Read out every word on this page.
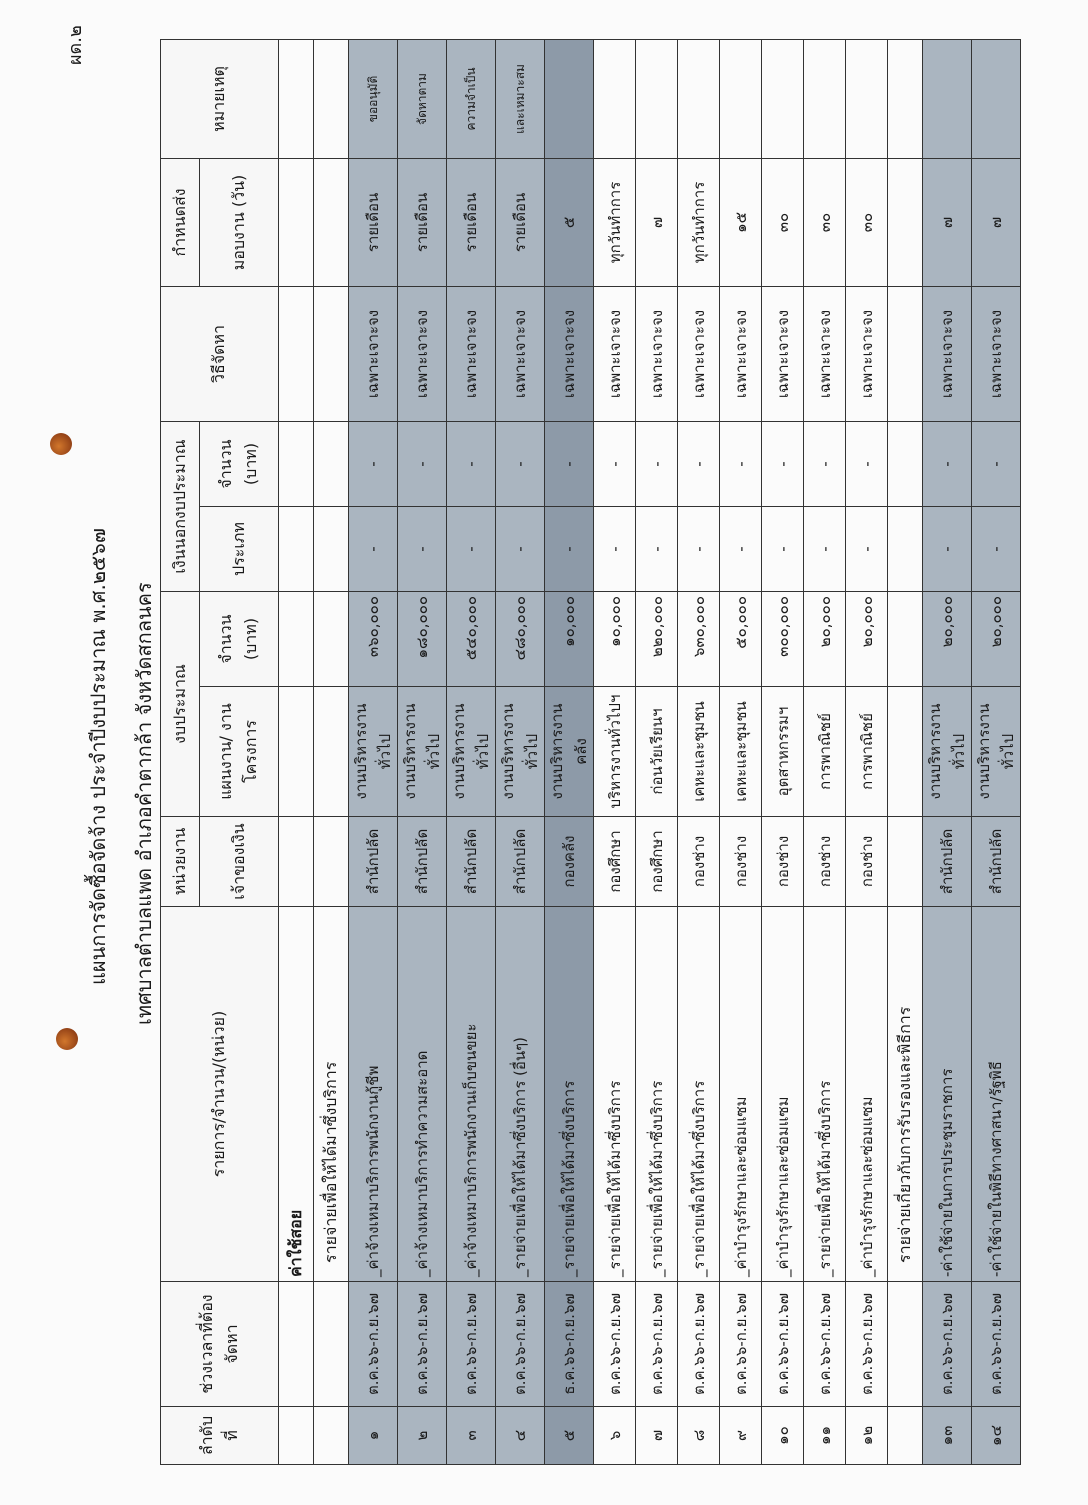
ผด.๒
แผนการจัดซื้อจัดจ้าง ประจำปีงบประมาณ พ.ศ.๒๕๖๗ เทศบาลตำบลแพด อำเภอคำตากล้า จังหวัดสกลนคร
ลำดับที่	ช่วงเวลาที่ต้องจัดหา	รายการ/จำนวน/(หน่วย)	หน่วยงาน	งบประมาณ		เงินนอกงบประมาณ		วิธีจัดหา	กำหนดส่ง	หมายเหตุ
			เจ้าของเงิน	แผนงาน/ งานโครงการ	จำนวน (บาท)	ประเภท	จำนวน (บาท)		มอบงาน (วัน)	
		ค่าใช้สอย								
		รายจ่ายเพื่อให้ได้มาซึ่งบริการ								
๑	ต.ค.๖๖-ก.ย.๖๗	_ค่าจ้างเหมาบริการพนักงานกู้ชีพ	สำนักปลัด	งานบริหารงานทั่วไป	๓๖๐,๐๐๐	-	-	เฉพาะเจาะจง	รายเดือน	ขออนุมัติ
๒	ต.ค.๖๖-ก.ย.๖๗	_ค่าจ้างเหมาบริการทำความสะอาด	สำนักปลัด	งานบริหารงานทั่วไป	๑๘๐,๐๐๐	-	-	เฉพาะเจาะจง	รายเดือน	จัดหาตาม
๓	ต.ค.๖๖-ก.ย.๖๗	_ค่าจ้างเหมาบริการพนักงานเก็บขนขยะ	สำนักปลัด	งานบริหารงานทั่วไป	๕๔๐,๐๐๐	-	-	เฉพาะเจาะจง	รายเดือน	ความจำเป็น
๔	ต.ค.๖๖-ก.ย.๖๗	_รายจ่ายเพื่อให้ได้มาซึ่งบริการ (อื่นๆ)	สำนักปลัด	งานบริหารงานทั่วไป	๔๘๐,๐๐๐	-	-	เฉพาะเจาะจง	รายเดือน	และเหมาะสม
๕	ธ.ค.๖๖-ก.ย.๖๗	_รายจ่ายเพื่อให้ได้มาซึ่งบริการ	กองคลัง	งานบริหารงานคลัง	๑๐,๐๐๐	-	-	เฉพาะเจาะจง	๕	
๖	ต.ค.๖๖-ก.ย.๖๗	_รายจ่ายเพื่อให้ได้มาซึ่งบริการ	กองศึกษา	บริหารงานทั่วไปฯ	๑๐,๐๐๐	-	-	เฉพาะเจาะจง	ทุกวันทำการ	
๗	ต.ค.๖๖-ก.ย.๖๗	_รายจ่ายเพื่อให้ได้มาซึ่งบริการ	กองศึกษา	ก่อนวัยเรียนฯ	๒๒๐,๐๐๐	-	-	เฉพาะเจาะจง	๗	
๘	ต.ค.๖๖-ก.ย.๖๗	_รายจ่ายเพื่อให้ได้มาซึ่งบริการ	กองช่าง	เคหะและชุมชน	๖๓๐,๐๐๐	-	-	เฉพาะเจาะจง	ทุกวันทำการ	
๙	ต.ค.๖๖-ก.ย.๖๗	_ค่าบำรุงรักษาและซ่อมแซม	กองช่าง	เคหะและชุมชน	๕๐,๐๐๐	-	-	เฉพาะเจาะจง	๑๕	
๑๐	ต.ค.๖๖-ก.ย.๖๗	_ค่าบำรุงรักษาและซ่อมแซม	กองช่าง	อุตสาหกรรมฯ	๓๐๐,๐๐๐	-	-	เฉพาะเจาะจง	๓๐	
๑๑	ต.ค.๖๖-ก.ย.๖๗	_รายจ่ายเพื่อให้ได้มาซึ่งบริการ	กองช่าง	การพาณิชย์	๒๐,๐๐๐	-	-	เฉพาะเจาะจง	๓๐	
๑๒	ต.ค.๖๖-ก.ย.๖๗	_ค่าบำรุงรักษาและซ่อมแซม	กองช่าง	การพาณิชย์	๒๐,๐๐๐	-	-	เฉพาะเจาะจง	๓๐	
		รายจ่ายเกี่ยวกับการรับรองและพิธีการ								
๑๓	ต.ค.๖๖-ก.ย.๖๗	-ค่าใช้จ่ายในการประชุมราชการ	สำนักปลัด	งานบริหารงานทั่วไป	๒๐,๐๐๐	-	-	เฉพาะเจาะจง	๗	
๑๔	ต.ค.๖๖-ก.ย.๖๗	-ค่าใช้จ่ายในพิธีทางศาสนา/รัฐพิธี	สำนักปลัด	งานบริหารงานทั่วไป	๒๐,๐๐๐	-	-	เฉพาะเจาะจง	๗	
